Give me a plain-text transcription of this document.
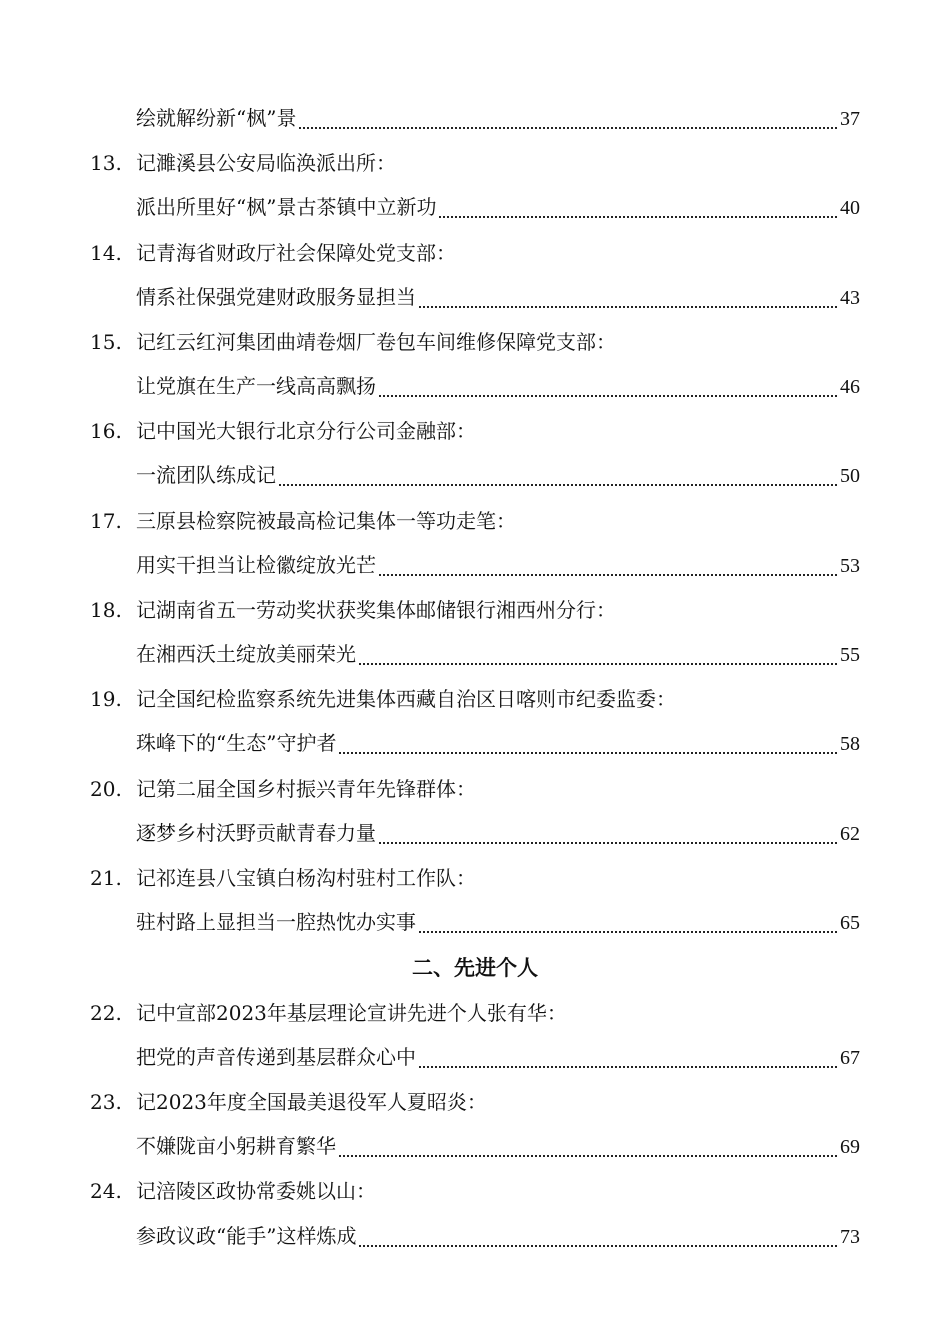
绘就解纷新“枫”景	37
13. 记濉溪县公安局临涣派出所：
派出所里好“枫”景古茶镇中立新功	40
14. 记青海省财政厅社会保障处党支部：
情系社保强党建财政服务显担当	43
15. 记红云红河集团曲靖卷烟厂卷包车间维修保障党支部：
让党旗在生产一线高高飘扬	46
16. 记中国光大银行北京分行公司金融部：
一流团队练成记	50
17. 三原县检察院被最高检记集体一等功走笔：
用实干担当让检徽绽放光芒	53
18. 记湖南省五一劳动奖状获奖集体邮储银行湘西州分行：
在湘西沃土绽放美丽荣光	55
19. 记全国纪检监察系统先进集体西藏自治区日喀则市纪委监委：
珠峰下的“生态”守护者	58
20. 记第二届全国乡村振兴青年先锋群体：
逐梦乡村沃野贡献青春力量	62
21. 记祁连县八宝镇白杨沟村驻村工作队：
驻村路上显担当一腔热忱办实事	65
二、先进个人
22. 记中宣部2023年基层理论宣讲先进个人张有华：
把党的声音传递到基层群众心中	67
23. 记2023年度全国最美退役军人夏昭炎：
不嫌陇亩小躬耕育繁华	69
24. 记涪陵区政协常委姚以山：
参政议政“能手”这样炼成	73
